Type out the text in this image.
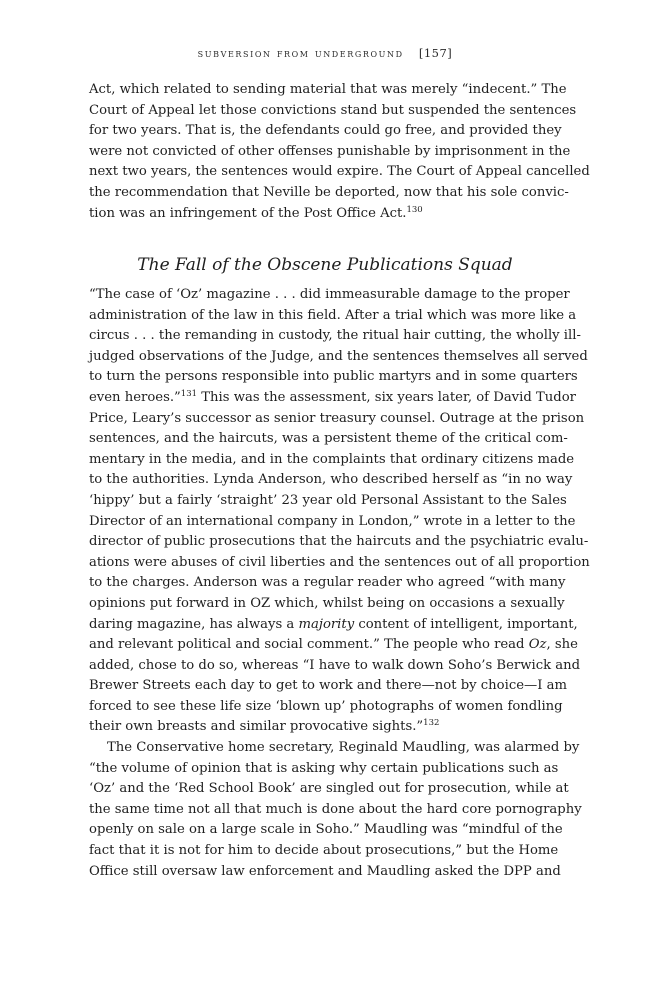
subversion from underground [157]
Act, which related to sending material that was merely “indecent.” The
Court of Appeal let those convictions stand but suspended the sentences
for two years. That is, the defendants could go free, and provided they
were not convicted of other offenses punishable by imprisonment in the
next two years, the sentences would expire. The Court of Appeal cancelled
the recommendation that Neville be deported, now that his sole convic-
tion was an infringement of the Post Office Act.$^{130}$
The Fall of the Obscene Publications Squad
“The case of ‘Oz’ magazine . . . did immeasurable damage to the proper
administration of the law in this field. After a trial which was more like a
circus . . . the remanding in custody, the ritual hair cutting, the wholly ill-
judged observations of the Judge, and the sentences themselves all served
to turn the persons responsible into public martyrs and in some quarters
even heroes.”$^{131}$ This was the assessment, six years later, of David Tudor
Price, Leary’s successor as senior treasury counsel. Outrage at the prison
sentences, and the haircuts, was a persistent theme of the critical com-
mentary in the media, and in the complaints that ordinary citizens made
to the authorities. Lynda Anderson, who described herself as “in no way
‘hippy’ but a fairly ‘straight’ 23 year old Personal Assistant to the Sales
Director of an international company in London,” wrote in a letter to the
director of public prosecutions that the haircuts and the psychiatric evalu-
ations were abuses of civil liberties and the sentences out of all proportion
to the charges. Anderson was a regular reader who agreed “with many
opinions put forward in OZ which, whilst being on occasions a sexually
daring magazine, has always a majority content of intelligent, important,
and relevant political and social comment.” The people who read Oz, she
added, chose to do so, whereas “I have to walk down Soho’s Berwick and
Brewer Streets each day to get to work and there—not by choice—I am
forced to see these life size ‘blown up’ photographs of women fondling
their own breasts and similar provocative sights.”$^{132}$
The Conservative home secretary, Reginald Maudling, was alarmed by
“the volume of opinion that is asking why certain publications such as
‘Oz’ and the ‘Red School Book’ are singled out for prosecution, while at
the same time not all that much is done about the hard core pornography
openly on sale on a large scale in Soho.” Maudling was “mindful of the
fact that it is not for him to decide about prosecutions,” but the Home
Office still oversaw law enforcement and Maudling asked the DPP and
